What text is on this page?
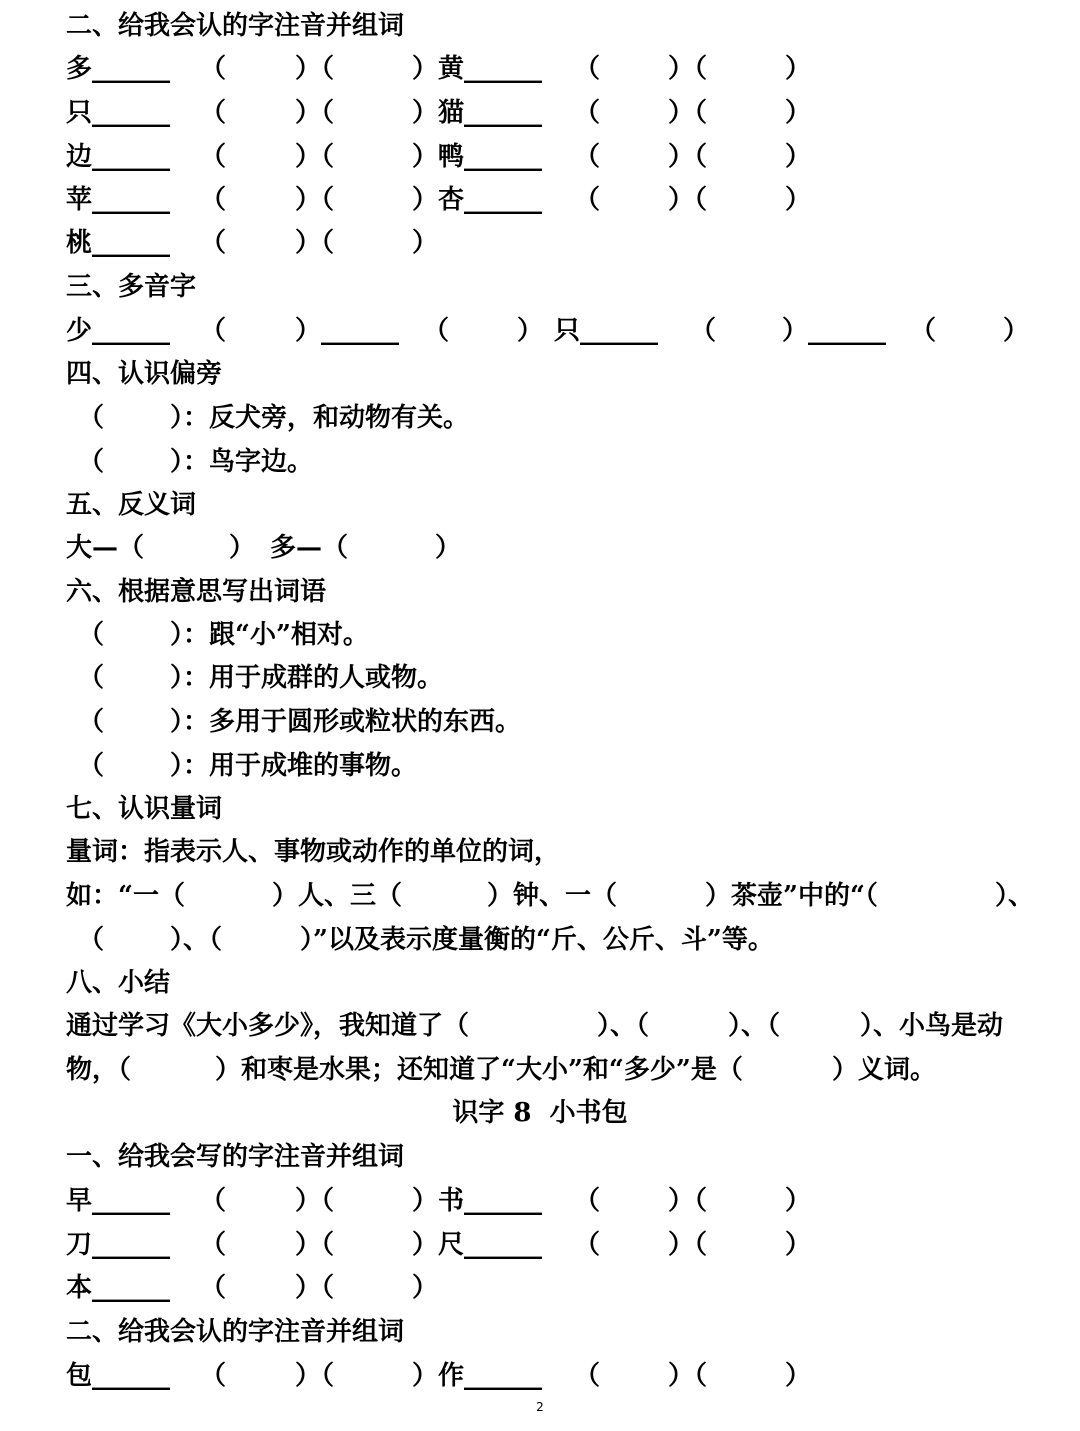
二、给我会认的字注音并组词
多______ （	）（	）黄______ （	）（	）
只______ （	）（	）猫______ （	）（	）
边______ （	）（	）鸭______ （	）（	）
苹______ （	）（	）杏______ （	）（	）
桃______ （	）（	）
三、多音字
少______ （	）______ （	） 只______ （	）______ （	）
四、认识偏旁
（	）：反犬旁，和动物有关。
（	）：鸟字边。
五、反义词
大—（	） 多—（	）
六、根据意思写出词语
（	）：跟“小”相对。
（	）：用于成群的人或物。
（	）：多用于圆形或粒状的东西。
（	）：用于成堆的事物。
七、认识量词
量词：指表示人、事物或动作的单位的词，
如：“一（	）人、三（	）钟、一（	）茶壶”中的“（	）、
（	）、（	）”以及表示度量衡的“斤、公斤、斗”等。
八、小结
通过学习《大小多少》，我知道了（	）、（	）、（	）、小鸟是动
物，（	）和枣是水果；还知道了“大小”和“多少”是（	）义词。
识字 8  小书包
一、给我会写的字注音并组词
早______ （	）（	）书______ （	）（	）
刀______ （	）（	）尺______ （	）（	）
本______ （	）（	）
二、给我会认的字注音并组词
包______ （	）（	）作______ （	）（	）
2
